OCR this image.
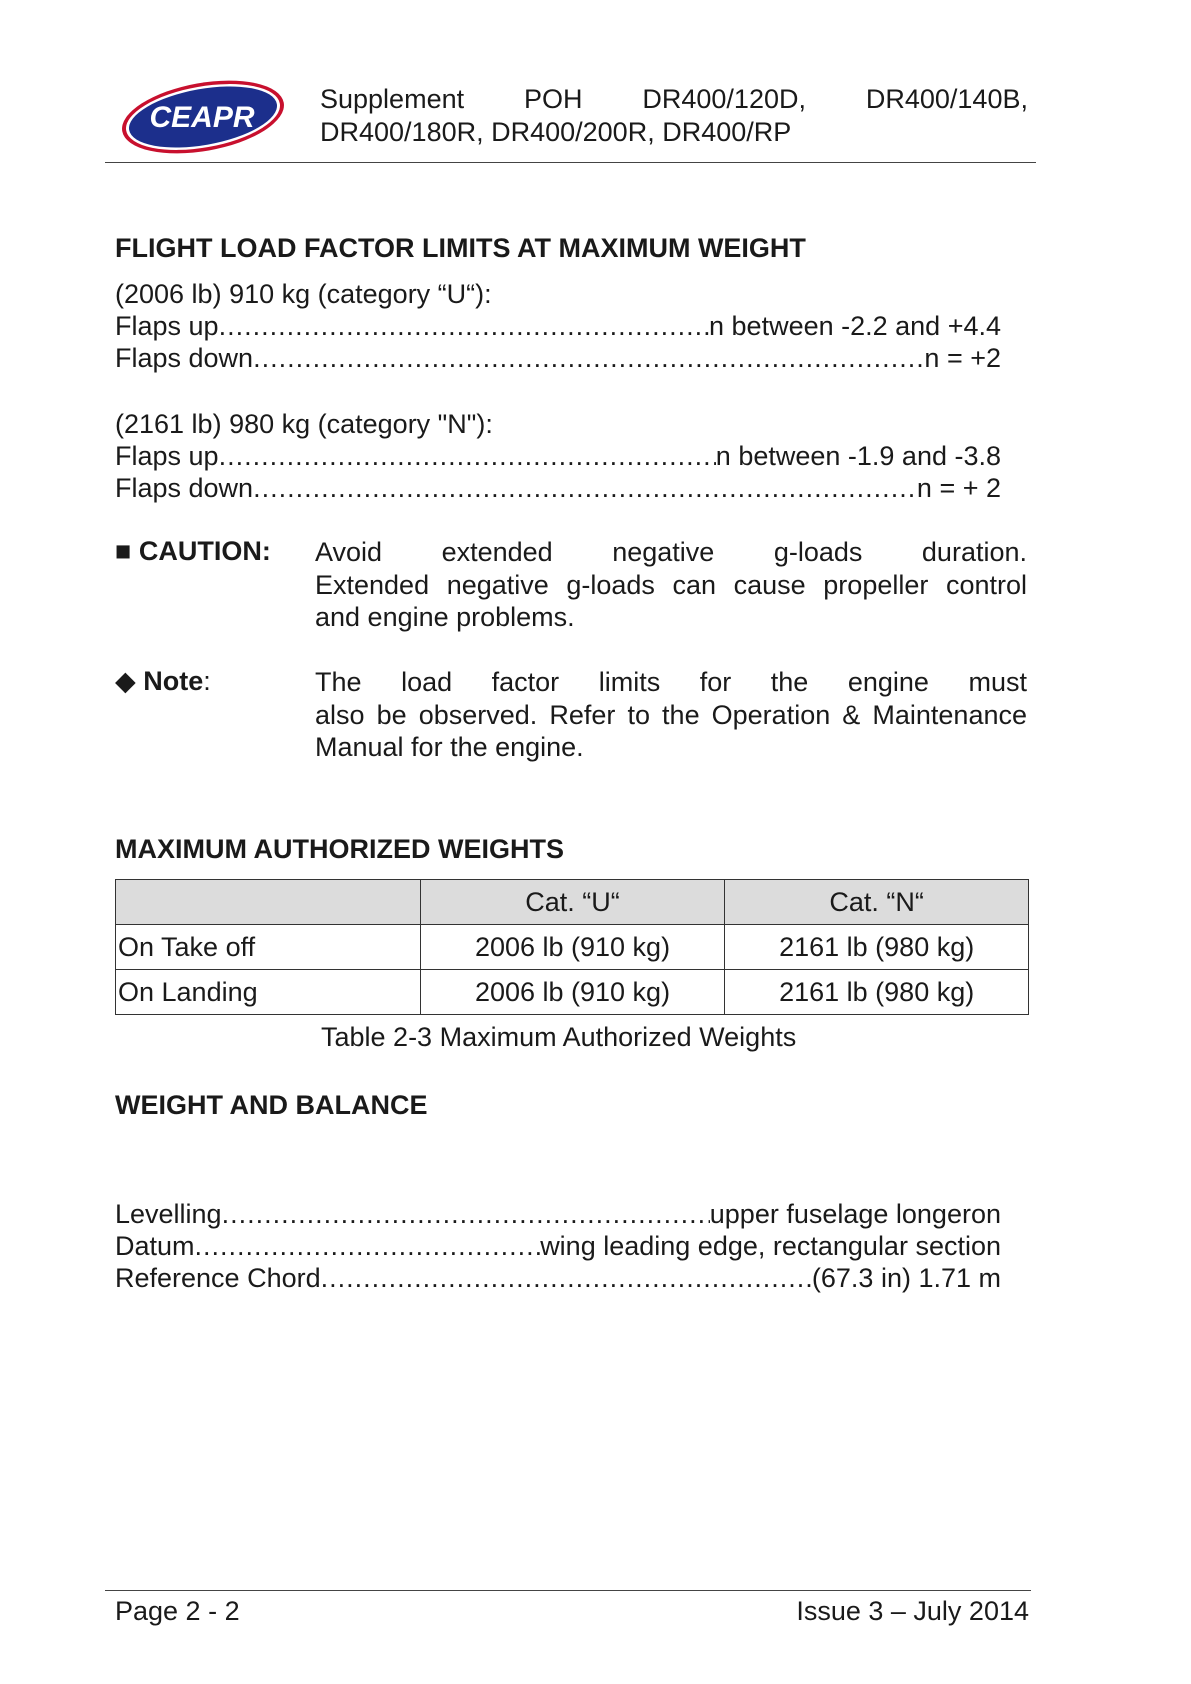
CEAPR
Supplement POH DR400/120D, DR400/140B,
DR400/180R, DR400/200R, DR400/RP
FLIGHT LOAD FACTOR LIMITS AT MAXIMUM WEIGHT
(2006 lb) 910 kg (category “U“):
Flaps up .....	n between -2.2 and +4.4
Flaps down .....	n = +2
(2161 lb) 980 kg (category "N"):
Flaps up .....	n between -1.9 and -3.8
Flaps down .....	n = + 2
■ CAUTION: Avoid extended negative g-loads duration.
Extended negative g-loads can cause propeller control
and engine problems.
◆ Note:	The load factor limits for the engine must
also be observed. Refer to the Operation & Maintenance
Manual for the engine.
MAXIMUM AUTHORIZED WEIGHTS
	Cat. “U“	Cat. “N“
On Take off	2006 lb (910 kg)	2161 lb (980 kg)
On Landing	2006 lb (910 kg)	2161 lb (980 kg)
Table 2-3 Maximum Authorized Weights
WEIGHT AND BALANCE
Levelling .....	upper fuselage longeron
Datum .....	wing leading edge, rectangular section
Reference Chord .....	(67.3 in) 1.71 m
Page 2 - 2	Issue 3 – July 2014
